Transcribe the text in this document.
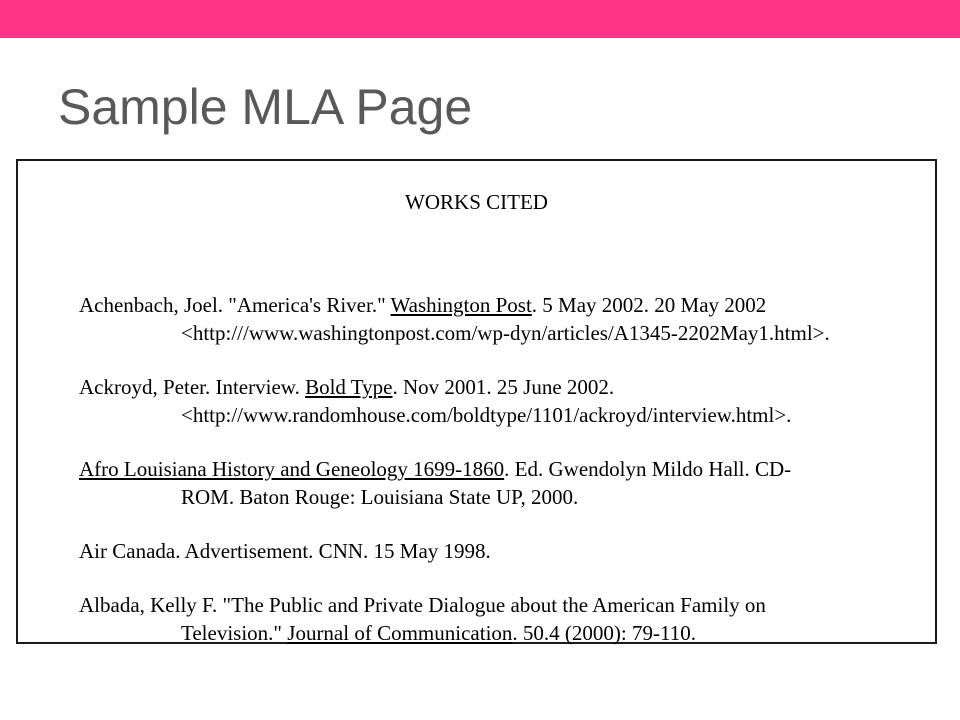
Sample MLA Page
WORKS CITED

Achenbach, Joel. "America's River." Washington Post. 5 May 2002. 20 May 2002
<http:///www.washingtonpost.com/wp-dyn/articles/A1345-2202May1.html>.

Ackroyd, Peter. Interview. Bold Type. Nov 2001. 25 June 2002.
<http://www.randomhouse.com/boldtype/1101/ackroyd/interview.html>.

Afro Louisiana History and Geneology 1699-1860. Ed. Gwendolyn Mildo Hall. CD-
ROM. Baton Rouge: Louisiana State UP, 2000.

Air Canada. Advertisement. CNN. 15 May 1998.

Albada, Kelly F. "The Public and Private Dialogue about the American Family on
Television." Journal of Communication. 50.4 (2000): 79-110.
